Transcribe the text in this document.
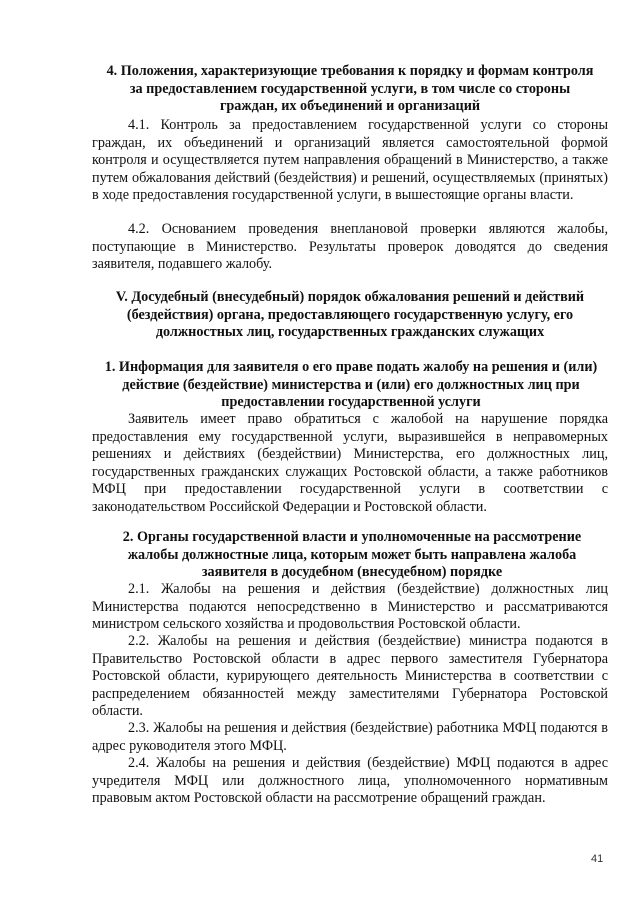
4. Положения, характеризующие требования к порядку и формам контроля за предоставлением государственной услуги, в том числе со стороны граждан, их объединений и организаций
4.1. Контроль за предоставлением государственной услуги со стороны граждан, их объединений и организаций является самостоятельной формой контроля и осуществляется путем направления обращений в Министерство, а также путем обжалования действий (бездействия) и решений, осуществляемых (принятых) в ходе предоставления государственной услуги, в вышестоящие органы власти.
4.2. Основанием проведения внеплановой проверки являются жалобы, поступающие в Министерство. Результаты проверок доводятся до сведения заявителя, подавшего жалобу.
V. Досудебный (внесудебный) порядок обжалования решений и действий (бездействия) органа, предоставляющего государственную услугу, его должностных лиц, государственных гражданских служащих
1. Информация для заявителя о его праве подать жалобу на решения и (или) действие (бездействие) министерства и (или) его должностных лиц при предоставлении государственной услуги
Заявитель имеет право обратиться с жалобой на нарушение порядка предоставления ему государственной услуги, выразившейся в неправомерных решениях и действиях (бездействии) Министерства, его должностных лиц, государственных гражданских служащих Ростовской области, а также работников МФЦ при предоставлении государственной услуги в соответствии с законодательством Российской Федерации и Ростовской области.
2. Органы государственной власти и уполномоченные на рассмотрение жалобы должностные лица, которым может быть направлена жалоба заявителя в досудебном (внесудебном) порядке
2.1. Жалобы на решения и действия (бездействие) должностных лиц Министерства подаются непосредственно в Министерство и рассматриваются министром сельского хозяйства и продовольствия Ростовской области.
2.2. Жалобы на решения и действия (бездействие) министра подаются в Правительство Ростовской области в адрес первого заместителя Губернатора Ростовской области, курирующего деятельность Министерства в соответствии с распределением обязанностей между заместителями Губернатора Ростовской области.
2.3. Жалобы на решения и действия (бездействие) работника МФЦ подаются в адрес руководителя этого МФЦ.
2.4. Жалобы на решения и действия (бездействие) МФЦ подаются в адрес учредителя МФЦ или должностного лица, уполномоченного нормативным правовым актом Ростовской области на рассмотрение обращений граждан.
41
